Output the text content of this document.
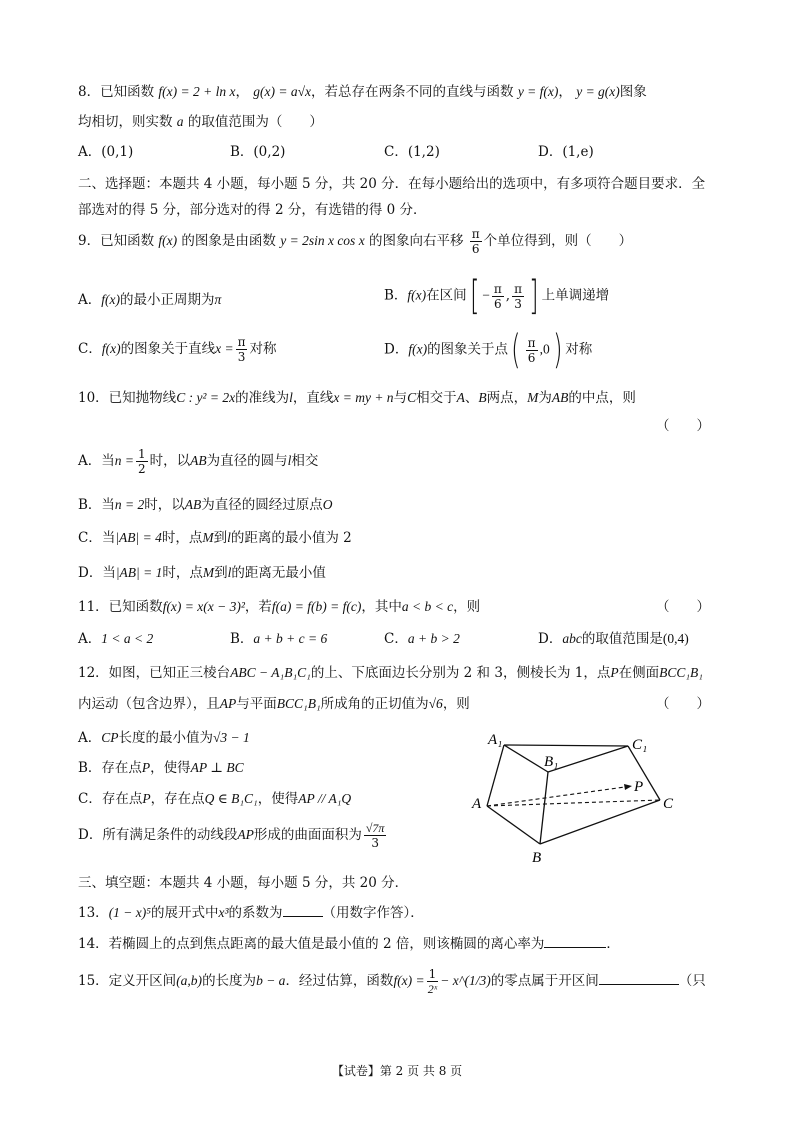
8．已知函数 f(x) = 2 + ln x， g(x) = a√x，若总存在两条不同的直线与函数 y = f(x)， y = g(x)图象
均相切，则实数 a 的取值范围为（　　）
A．(0,1)	B．(0,2)	C．(1,2)	D．(1,e)
二、选择题：本题共 4 小题，每小题 5 分，共 20 分．在每小题给出的选项中，有多项符合题目要求．全
部选对的得 5 分，部分选对的得 2 分，有选错的得 0 分．
9．已知函数 f(x) 的图象是由函数 y = 2sin x cos x 的图象向右平移 $\frac{\pi}{6}$ 个单位得到，则（　　）
A．f(x)的最小正周期为π	B．f(x)在区间[ − $\frac{\pi}{6}$ , $\frac{\pi}{3}$ ] 上单调递增
C．f(x)的图象关于直线$x = \frac{\pi}{3}$ 对称	D．f(x)的图象关于点( $\frac{\pi}{6} ,0$) 对称
10．已知抛物线C : y² = 2x的准线为l，直线x = my + n与C相交于A、B两点，M为AB的中点，则
（　　）
A．当$n = \frac{1}{2}$ 时，以AB为直径的圆与l相交
B．当n = 2时，以AB为直径的圆经过原点O
C．当|AB| = 4时，点M到l的距离的最小值为 2
D．当|AB| = 1时，点M到l的距离无最小值
11．已知函数f(x) = x(x − 3)²，若f(a) = f(b) = f(c)，其中a < b < c，则	（　　）
A．1 < a < 2	B．a + b + c = 6	C．a + b > 2	D．abc的取值范围是(0,4)
12．如图，已知正三棱台ABC − A₁B₁C₁的上、下底面边长分别为 2 和 3，侧棱长为 1，点P在侧面BCC₁B₁
内运动（包含边界），且AP与平面BCC₁B₁所成角的正切值为√6，则	（　　）
A．CP长度的最小值为√3 − 1
B．存在点P，使得AP ⊥ BC
C．存在点P，存在点Q ∈ B₁C₁，使得AP // A₁Q
D．所有满足条件的动线段AP形成的曲面面积为 $\frac{√7\pi}{3}$
A₁	C₁
B₁
P
A	C
B
三、填空题：本题共 4 小题，每小题 5 分，共 20 分．
13．(1 − x)⁵的展开式中x³的系数为	（用数字作答）．
14．若椭圆上的点到焦点距离的最大值是最小值的 2 倍，则该椭圆的离心率为	．
15．定义开区间(a,b)的长度为b − a．经过估算，函数$f(x) = \frac{1}{\text{2ˣ}}$ − x^(1/3)的零点属于开区间	（只
【试卷】第 2 页 共 8 页
